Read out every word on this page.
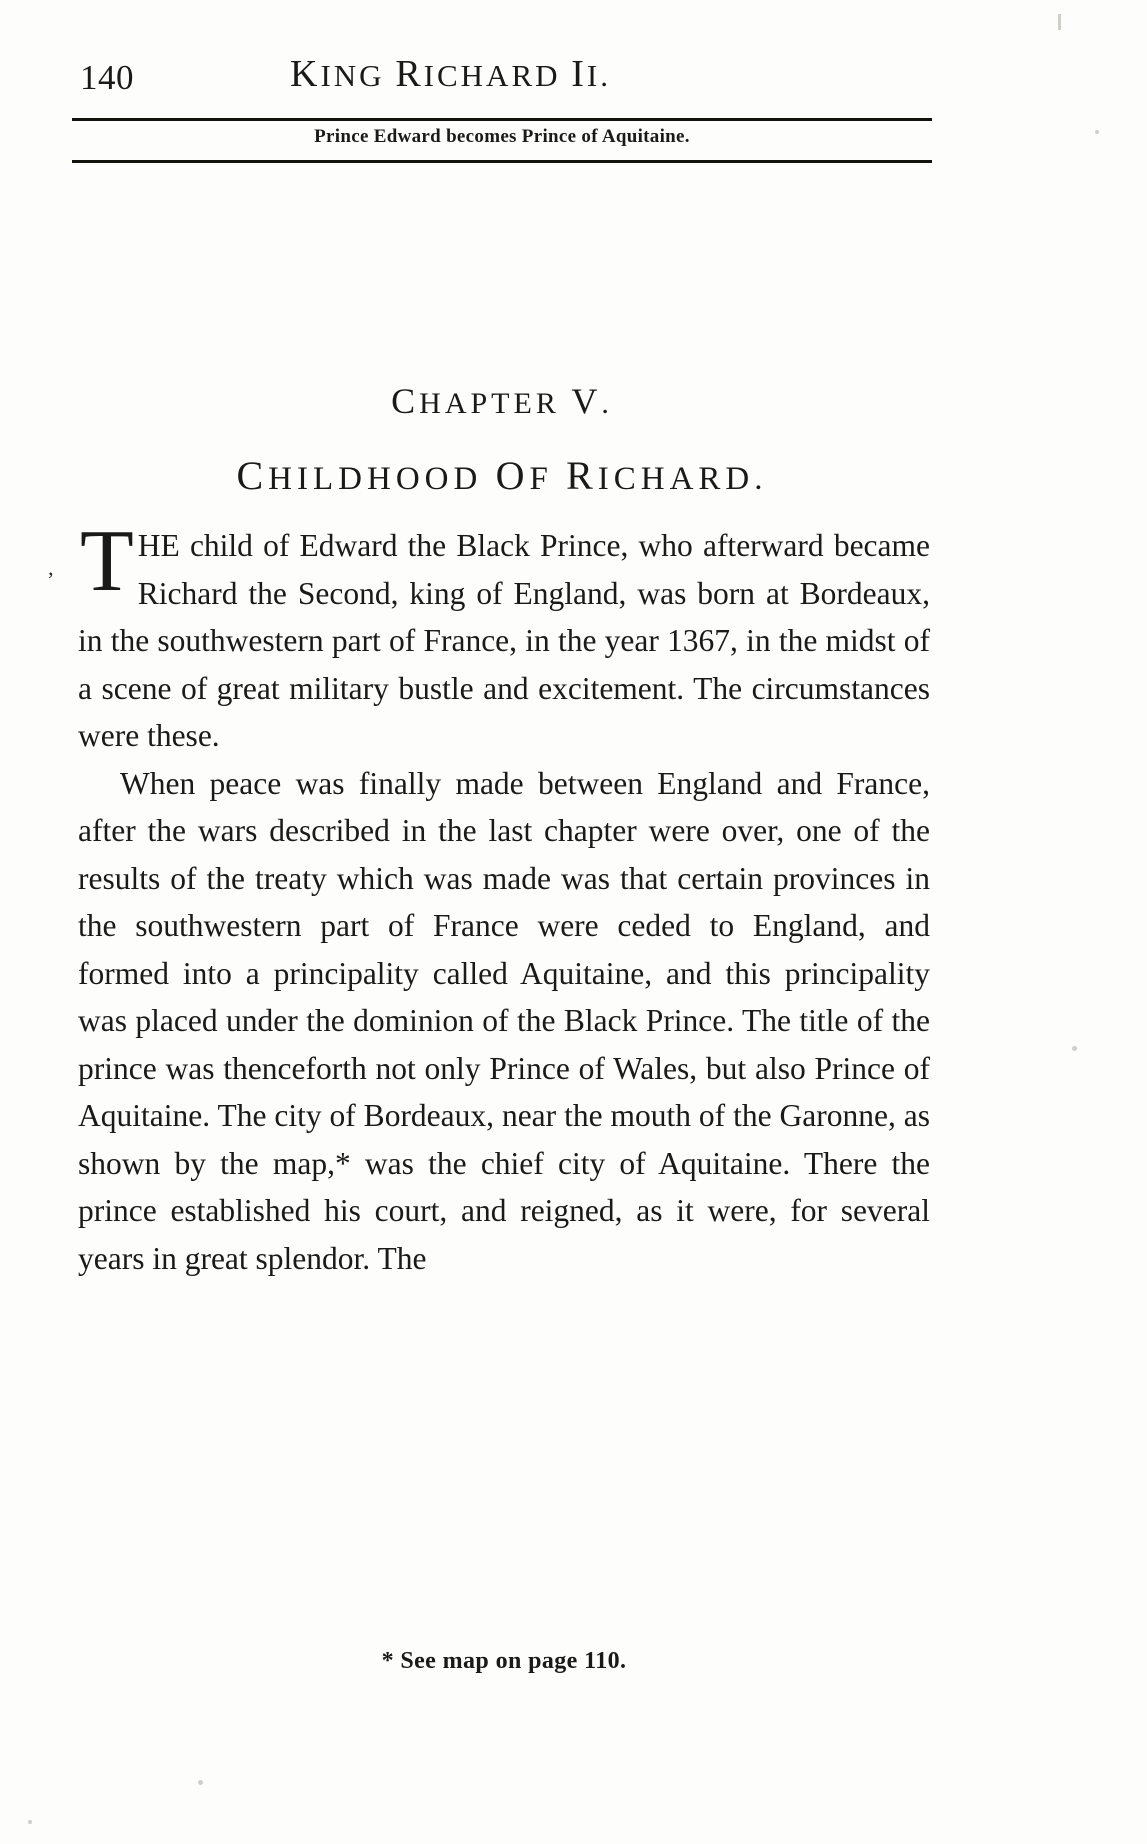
140	KING RICHARD II.
Prince Edward becomes Prince of Aquitaine.
CHAPTER V.
CHILDHOOD OF RICHARD.
‚ THE child of Edward the Black Prince, who afterward became Richard the Second, king of England, was born at Bordeaux, in the southwestern part of France, in the year 1367, in the midst of a scene of great military bustle and excitement. The circumstances were these.

When peace was finally made between England and France, after the wars described in the last chapter were over, one of the results of the treaty which was made was that certain provinces in the southwestern part of France were ceded to England, and formed into a principality called Aquitaine, and this principality was placed under the dominion of the Black Prince. The title of the prince was thenceforth not only Prince of Wales, but also Prince of Aquitaine. The city of Bordeaux, near the mouth of the Garonne, as shown by the map,* was the chief city of Aquitaine. There the prince established his court, and reigned, as it were, for several years in great splendor. The

* See map on page 110.
